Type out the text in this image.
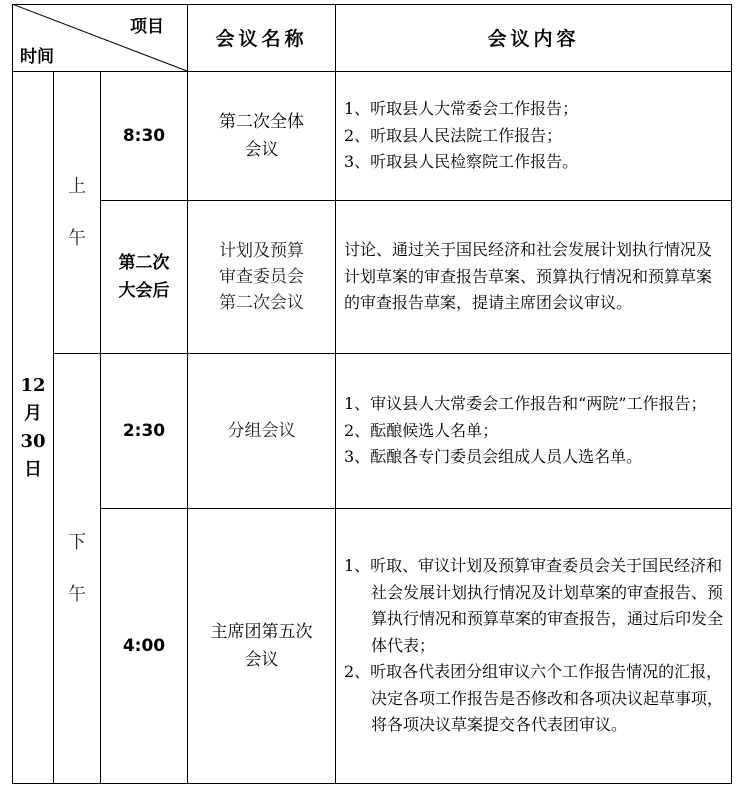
项目
时间
会议名称	会议内容
12
月
30
日
上
午
下
午
8:30
第二次全体
会议
1、听取县人大常委会工作报告；
2、听取县人民法院工作报告；
3、听取县人民检察院工作报告。
第二次
大会后
计划及预算
审查委员会
第二次会议
讨论、通过关于国民经济和社会发展计划执行情况及计划草案的审查报告草案、预算执行情况和预算草案的审查报告草案，提请主席团会议审议。
2:30	分组会议
1、审议县人大常委会工作报告和“两院”工作报告；
2、酝酿候选人名单；
3、酝酿各专门委员会组成人员人选名单。
4:00
主席团第五次
会议
1、听取、审议计划及预算审查委员会关于国民经济和社会发展计划执行情况及计划草案的审查报告、预算执行情况和预算草案的审查报告，通过后印发全体代表；
2、听取各代表团分组审议六个工作报告情况的汇报，决定各项工作报告是否修改和各项决议起草事项，将各项决议草案提交各代表团审议。
